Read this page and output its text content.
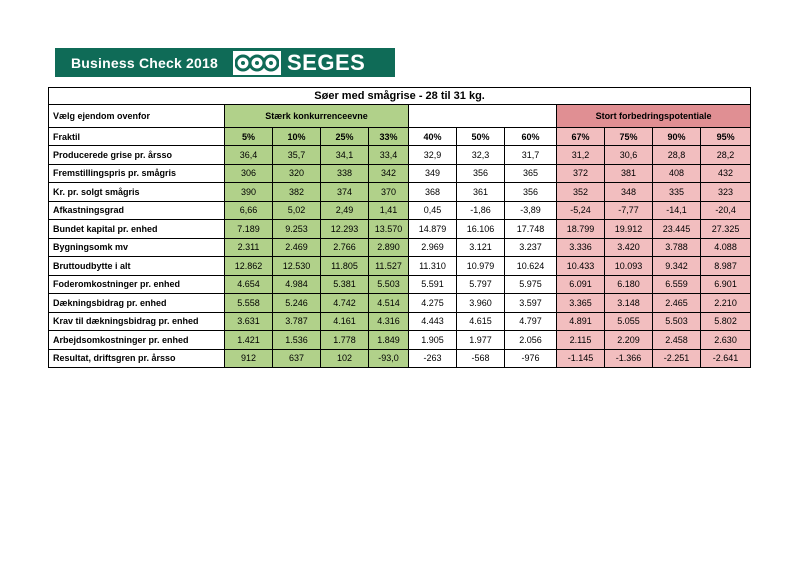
Business Check 2018	SEGES
Søer med smågrise - 28 til 31 kg.											
Vælg ejendom ovenfor	Stærk konkurrenceevne							Stort forbedringspotentiale			
Fraktil	5%	10%	25%	33%	40%	50%	60%	67%	75%	90%	95%
Producerede grise pr. årsso	36,4	35,7	34,1	33,4	32,9	32,3	31,7	31,2	30,6	28,8	28,2
Fremstillingspris pr. smågris	306	320	338	342	349	356	365	372	381	408	432
Kr. pr. solgt smågris	390	382	374	370	368	361	356	352	348	335	323
Afkastningsgrad	6,66	5,02	2,49	1,41	0,45	-1,86	-3,89	-5,24	-7,77	-14,1	-20,4
Bundet kapital pr. enhed	7.189	9.253	12.293	13.570	14.879	16.106	17.748	18.799	19.912	23.445	27.325
Bygningsomk mv	2.311	2.469	2.766	2.890	2.969	3.121	3.237	3.336	3.420	3.788	4.088
Bruttoudbytte i alt	12.862	12.530	11.805	11.527	11.310	10.979	10.624	10.433	10.093	9.342	8.987
Foderomkostninger pr. enhed	4.654	4.984	5.381	5.503	5.591	5.797	5.975	6.091	6.180	6.559	6.901
Dækningsbidrag pr. enhed	5.558	5.246	4.742	4.514	4.275	3.960	3.597	3.365	3.148	2.465	2.210
Krav til dækningsbidrag pr. enhed	3.631	3.787	4.161	4.316	4.443	4.615	4.797	4.891	5.055	5.503	5.802
Arbejdsomkostninger pr. enhed	1.421	1.536	1.778	1.849	1.905	1.977	2.056	2.115	2.209	2.458	2.630
Resultat, driftsgren pr. årsso	912	637	102	-93,0	-263	-568	-976	-1.145	-1.366	-2.251	-2.641
